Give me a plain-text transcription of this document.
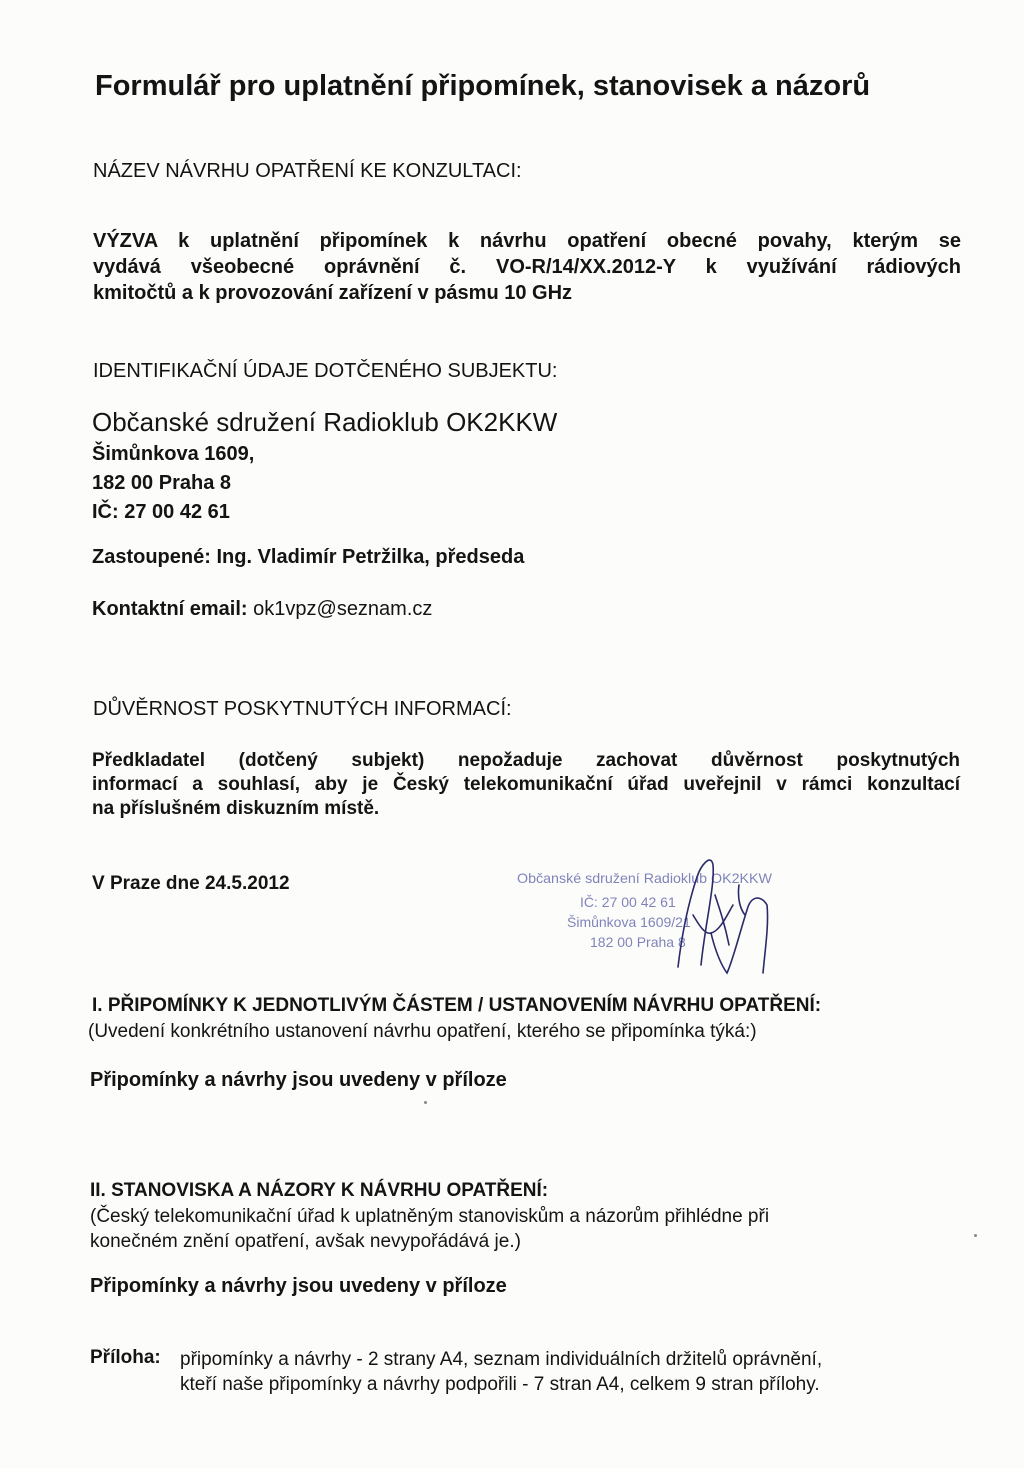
Formulář pro uplatnění připomínek, stanovisek a názorů
NÁZEV NÁVRHU OPATŘENÍ KE KONZULTACI:
VÝZVA k uplatnění připomínek k návrhu opatření obecné povahy, kterým se
vydává všeobecné oprávnění č. VO-R/14/XX.2012-Y k využívání rádiových
kmitočtů a k provozování zařízení v pásmu 10 GHz
IDENTIFIKAČNÍ ÚDAJE DOTČENÉHO SUBJEKTU:
Občanské sdružení Radioklub OK2KKW
Šimůnkova 1609,
182 00 Praha 8
IČ: 27 00 42 61
Zastoupené: Ing. Vladimír Petržilka, předseda
Kontaktní email: ok1vpz@seznam.cz
DŮVĚRNOST POSKYTNUTÝCH INFORMACÍ:
Předkladatel (dotčený subjekt) nepožaduje zachovat důvěrnost poskytnutých
informací a souhlasí, aby je Český telekomunikační úřad uveřejnil v rámci konzultací
na příslušném diskuzním místě.
V Praze dne 24.5.2012	Občanské sdružení Radioklub OK2KKW
IČ: 27 00 42 61
Šimůnkova 1609/21
182 00 Praha 8
I. PŘIPOMÍNKY K JEDNOTLIVÝM ČÁSTEM / USTANOVENÍM NÁVRHU OPATŘENÍ:
(Uvedení konkrétního ustanovení návrhu opatření, kterého se připomínka týká:)
Připomínky a návrhy jsou uvedeny v příloze
II. STANOVISKA A NÁZORY K NÁVRHU OPATŘENÍ:
(Český telekomunikační úřad k uplatněným stanoviskům a názorům přihlédne při
konečném znění opatření, avšak nevypořádává je.)
Připomínky a návrhy jsou uvedeny v příloze
Příloha: připomínky a návrhy - 2 strany A4, seznam individuálních držitelů oprávnění,
kteří naše připomínky a návrhy podpořili - 7 stran A4, celkem 9 stran přílohy.
